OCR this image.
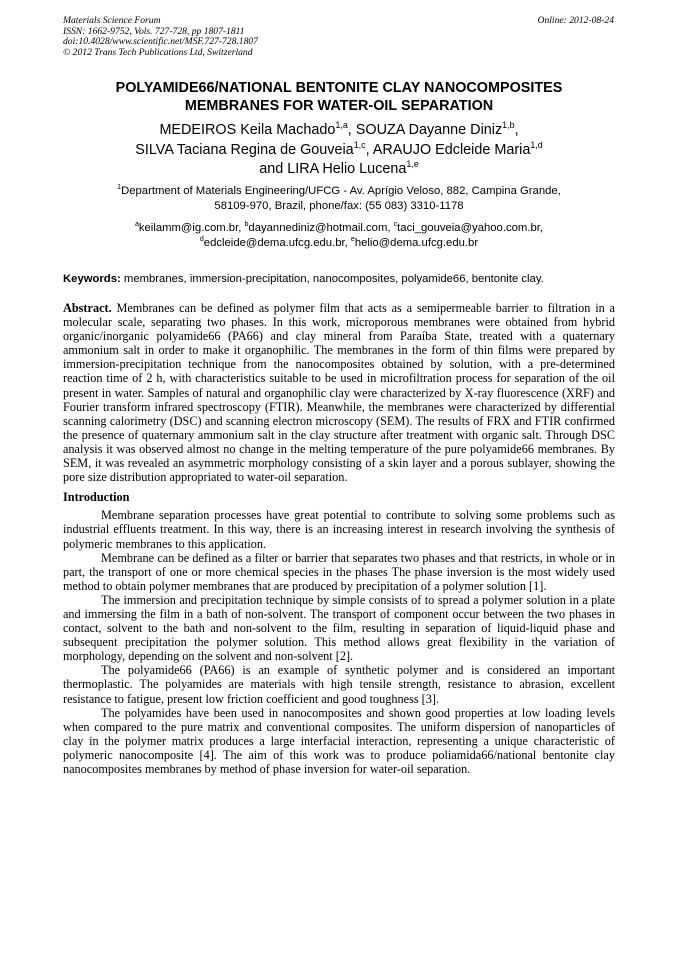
Materials Science Forum
ISSN: 1662-9752, Vols. 727-728, pp 1807-1811
doi:10.4028/www.scientific.net/MSF.727-728.1807
© 2012 Trans Tech Publications Ltd, Switzerland
Online: 2012-08-24
POLYAMIDE66/NATIONAL BENTONITE CLAY NANOCOMPOSITES
MEMBRANES FOR WATER-OIL SEPARATION
MEDEIROS Keila Machado$^{1,a}$, SOUZA Dayanne Diniz$^{1,b}$,
SILVA Taciana Regina de Gouveia$^{1,c}$, ARAUJO Edcleide Maria$^{1,d}$
and LIRA Helio Lucena$^{1,e}$
$^1$Department of Materials Engineering/UFCG - Av. Aprígio Veloso, 882, Campina Grande,
58109-970, Brazil, phone/fax: (55 083) 3310-1178
$^a$keilamm@ig.com.br, $^b$dayannediniz@hotmail.com, $^c$taci_gouveia@yahoo.com.br,
$^d$edcleide@dema.ufcg.edu.br, $^e$helio@dema.ufcg.edu.br
Keywords: membranes, immersion-precipitation, nanocomposites, polyamide66, bentonite clay.

Abstract. Membranes can be defined as polymer film that acts as a semipermeable barrier to filtration in a molecular scale, separating two phases. In this work, microporous membranes were obtained from hybrid organic/inorganic polyamide66 (PA66) and clay mineral from Paraíba State, treated with a quaternary ammonium salt in order to make it organophilic. The membranes in the form of thin films were prepared by immersion-precipitation technique from the nanocomposites obtained by solution, with a pre-determined reaction time of 2 h, with characteristics suitable to be used in microfiltration process for separation of the oil present in water. Samples of natural and organophilic clay were characterized by X-ray fluorescence (XRF) and Fourier transform infrared spectroscopy (FTIR). Meanwhile, the membranes were characterized by differential scanning calorimetry (DSC) and scanning electron microscopy (SEM). The results of FRX and FTIR confirmed the presence of quaternary ammonium salt in the clay structure after treatment with organic salt. Through DSC analysis it was observed almost no change in the melting temperature of the pure polyamide66 membranes. By SEM, it was revealed an asymmetric morphology consisting of a skin layer and a porous sublayer, showing the pore size distribution appropriated to water-oil separation.

Introduction

Membrane separation processes have great potential to contribute to solving some problems such as industrial effluents treatment. In this way, there is an increasing interest in research involving the synthesis of polymeric membranes to this application.

Membrane can be defined as a filter or barrier that separates two phases and that restricts, in whole or in part, the transport of one or more chemical species in the phases The phase inversion is the most widely used method to obtain polymer membranes that are produced by precipitation of a polymer solution [1].

The immersion and precipitation technique by simple consists of to spread a polymer solution in a plate and immersing the film in a bath of non-solvent. The transport of component occur between the two phases in contact, solvent to the bath and non-solvent to the film, resulting in separation of liquid-liquid phase and subsequent precipitation the polymer solution. This method allows great flexibility in the variation of morphology, depending on the solvent and non-solvent [2].

The polyamide66 (PA66) is an example of synthetic polymer and is considered an important thermoplastic. The polyamides are materials with high tensile strength, resistance to abrasion, excellent resistance to fatigue, present low friction coefficient and good toughness [3].

The polyamides have been used in nanocomposites and shown good properties at low loading levels when compared to the pure matrix and conventional composites. The uniform dispersion of nanoparticles of clay in the polymer matrix produces a large interfacial interaction, representing a unique characteristic of polymeric nanocomposite [4]. The aim of this work was to produce poliamida66/national bentonite clay nanocomposites membranes by method of phase inversion for water-oil separation.
